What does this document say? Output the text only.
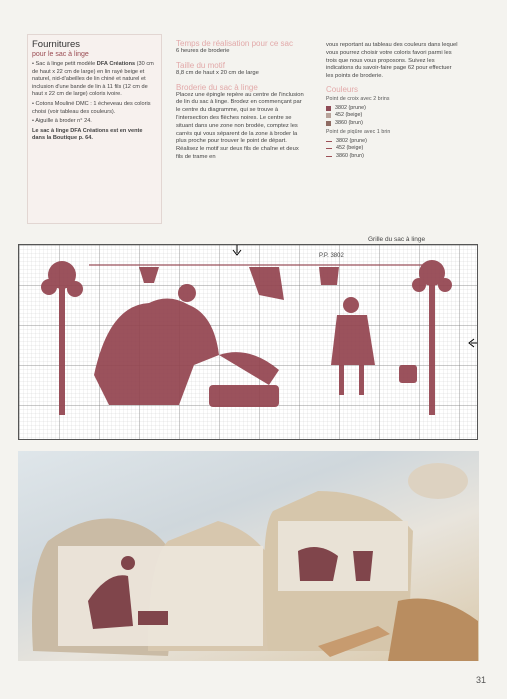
Fournitures
pour le sac à linge

• Sac à linge petit modèle DFA Créations (30 cm de haut x 22 cm de large) en lin rayé beige et naturel, nid-d'abeilles de lin chiné et naturel et inclusion d'une bande de lin à 11 fils (12 cm de haut x 22 cm de large) coloris ivoire.

• Cotons Mouliné DMC : 1 écheveau des coloris choisi (voir tableau des couleurs).

• Aiguille à broder n° 24.

Le sac à linge DFA Créations est en vente dans la Boutique p. 64.

Temps de réalisation pour ce sac

6 heures de broderie

Taille du motif

8,8 cm de haut x 20 cm de large

Broderie du sac à linge

Placez une épingle repère au centre de l'inclusion de lin du sac à linge. Brodez en commençant par le centre du diagramme, qui se trouve à l'intersection des flèches noires. Le centre se situant dans une zone non brodée, comptez les carrés qui vous séparent de la zone à broder la plus proche pour trouver le point de départ. Réalisez le motif sur deux fils de chaîne et deux fils de trame en

vous reportant au tableau des couleurs dans lequel vous pourrez choisir votre coloris favori parmi les trois que nous vous proposons. Suivez les indications du savoir-faire page 62 pour effectuer les points de broderie.

Couleurs
Point de croix avec 2 brins
3802 (prune)
452 (beige)
3860 (brun)
Point de piqûre avec 1 brin
3802 (prune)
452 (beige)
3860 (brun)
Grille du sac à linge
P.P. 3802
31
